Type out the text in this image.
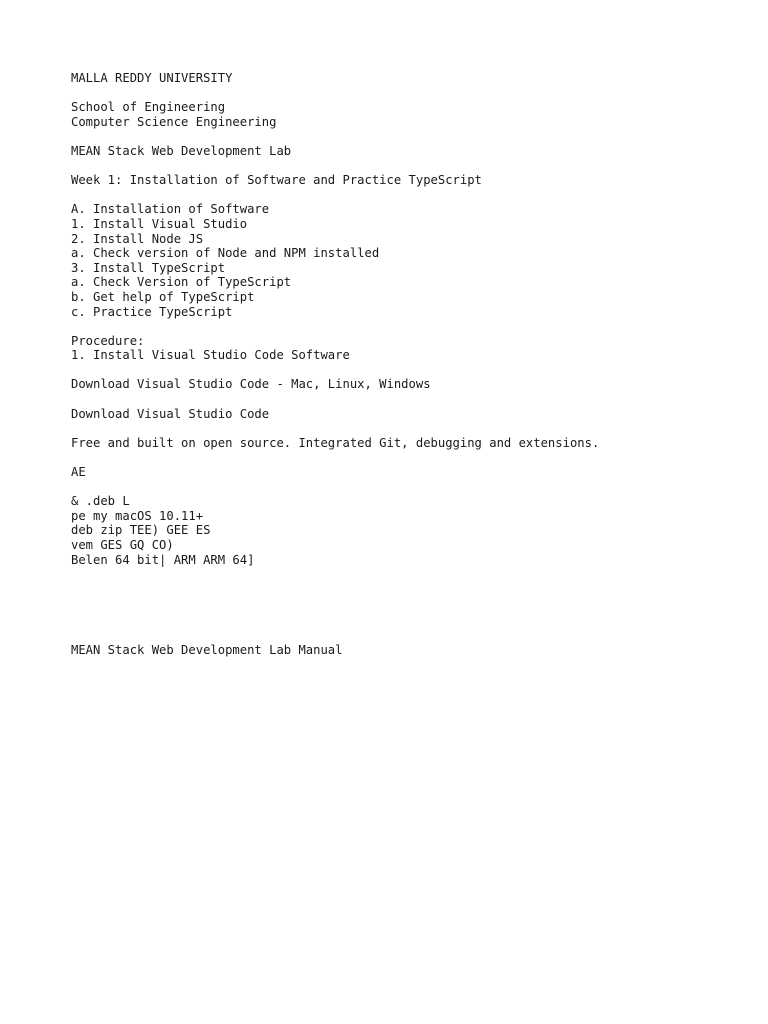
MALLA REDDY UNIVERSITY
School of Engineering
Computer Science Engineering
MEAN Stack Web Development Lab
Week 1: Installation of Software and Practice TypeScript
A. Installation of Software
1. Install Visual Studio
2. Install Node JS
a. Check version of Node and NPM installed
3. Install TypeScript
a. Check Version of TypeScript
b. Get help of TypeScript
c. Practice TypeScript
Procedure:
1. Install Visual Studio Code Software
Download Visual Studio Code - Mac, Linux, Windows
Download Visual Studio Code
Free and built on open source. Integrated Git, debugging and extensions.
AE
& .deb L
pe my macOS 10.11+
deb zip TEE) GEE ES
vem GES GQ CO)
Belen 64 bit| ARM ARM 64]
MEAN Stack Web Development Lab Manual
